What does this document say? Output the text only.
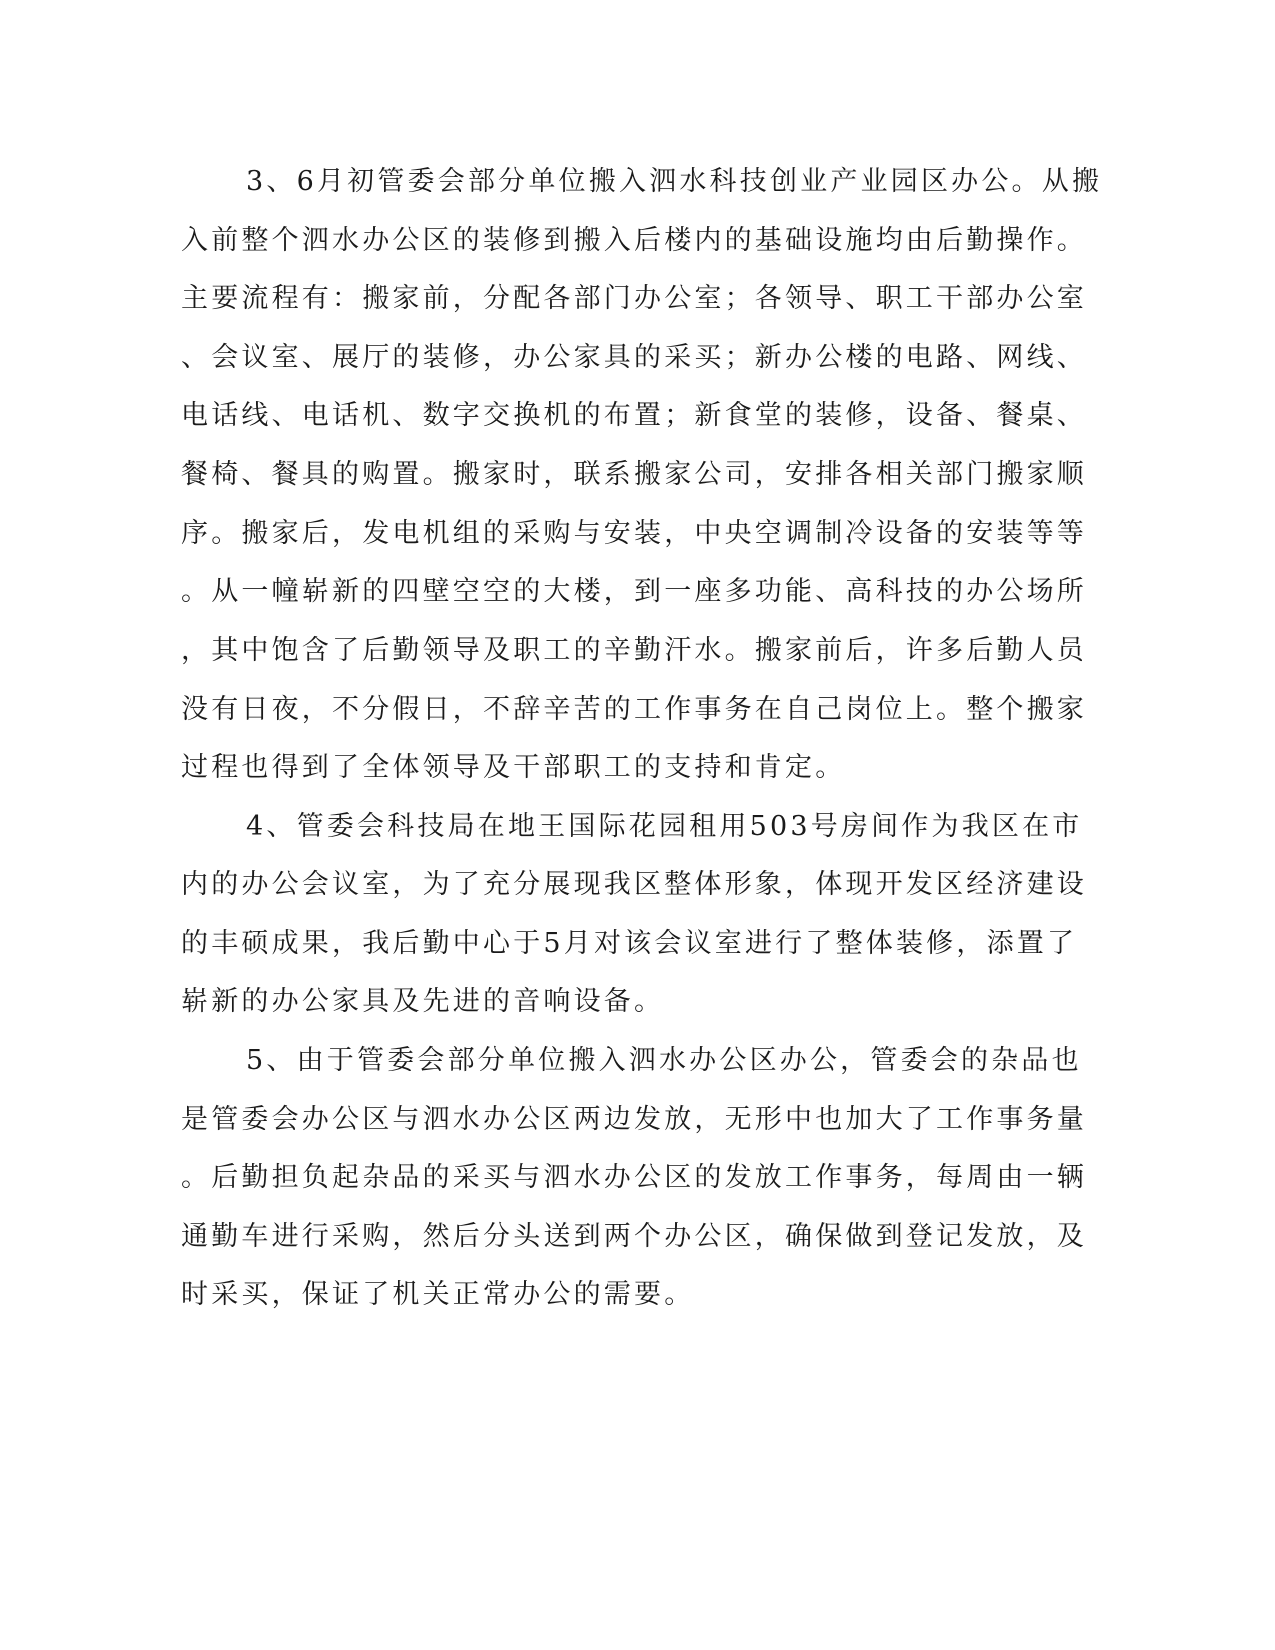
3、6月初管委会部分单位搬入泗水科技创业产业园区办公。从搬
入前整个泗水办公区的装修到搬入后楼内的基础设施均由后勤操作。
主要流程有：搬家前，分配各部门办公室；各领导、职工干部办公室
、会议室、展厅的装修，办公家具的采买；新办公楼的电路、网线、
电话线、电话机、数字交换机的布置；新食堂的装修，设备、餐桌、
餐椅、餐具的购置。搬家时，联系搬家公司，安排各相关部门搬家顺
序。搬家后，发电机组的采购与安装，中央空调制冷设备的安装等等
。从一幢崭新的四壁空空的大楼，到一座多功能、高科技的办公场所
，其中饱含了后勤领导及职工的辛勤汗水。搬家前后，许多后勤人员
没有日夜，不分假日，不辞辛苦的工作事务在自己岗位上。整个搬家
过程也得到了全体领导及干部职工的支持和肯定。
4、管委会科技局在地王国际花园租用503号房间作为我区在市
内的办公会议室，为了充分展现我区整体形象，体现开发区经济建设
的丰硕成果，我后勤中心于5月对该会议室进行了整体装修，添置了
崭新的办公家具及先进的音响设备。
5、由于管委会部分单位搬入泗水办公区办公，管委会的杂品也
是管委会办公区与泗水办公区两边发放，无形中也加大了工作事务量
。后勤担负起杂品的采买与泗水办公区的发放工作事务，每周由一辆
通勤车进行采购，然后分头送到两个办公区，确保做到登记发放，及
时采买，保证了机关正常办公的需要。
